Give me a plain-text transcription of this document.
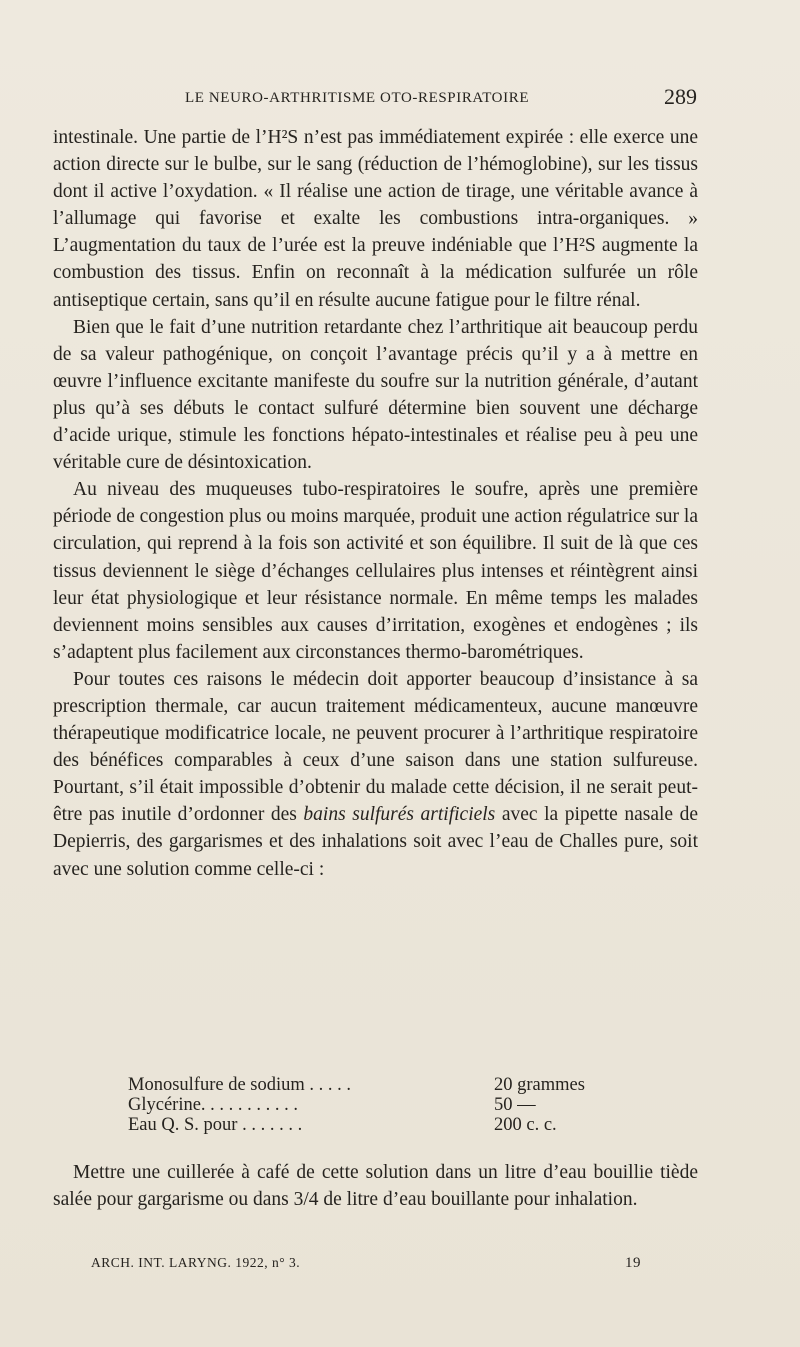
LE NEURO-ARTHRITISME OTO-RESPIRATOIRE	289

intestinale. Une partie de l’H²S n’est pas immédiatement expirée : elle exerce une action directe sur le bulbe, sur le sang (réduction de l’hémoglobine), sur les tissus dont il active l’oxydation. « Il réalise une action de tirage, une véritable avance à l’allumage qui favorise et exalte les combustions intra-organiques. » L’augmentation du taux de l’urée est la preuve indéniable que l’H²S augmente la combustion des tissus. Enfin on reconnaît à la médication sulfurée un rôle antiseptique certain, sans qu’il en résulte aucune fatigue pour le filtre rénal.

Bien que le fait d’une nutrition retardante chez l’arthritique ait beaucoup perdu de sa valeur pathogénique, on conçoit l’avantage précis qu’il y a à mettre en œuvre l’influence excitante manifeste du soufre sur la nutrition générale, d’autant plus qu’à ses débuts le contact sulfuré détermine bien souvent une décharge d’acide urique, stimule les fonctions hépato-intestinales et réalise peu à peu une véritable cure de désintoxication.

Au niveau des muqueuses tubo-respiratoires le soufre, après une première période de congestion plus ou moins marquée, produit une action régulatrice sur la circulation, qui reprend à la fois son activité et son équilibre. Il suit de là que ces tissus deviennent le siège d’échanges cellulaires plus intenses et réintègrent ainsi leur état physiologique et leur résistance normale. En même temps les malades deviennent moins sensibles aux causes d’irritation, exogènes et endogènes ; ils s’adaptent plus facilement aux circonstances thermo-barométriques.

Pour toutes ces raisons le médecin doit apporter beaucoup d’insistance à sa prescription thermale, car aucun traitement médicamenteux, aucune manœuvre thérapeutique modificatrice locale, ne peuvent procurer à l’arthritique respiratoire des bénéfices comparables à ceux d’une saison dans une station sulfureuse. Pourtant, s’il était impossible d’obtenir du malade cette décision, il ne serait peut-être pas inutile d’ordonner des bains sulfurés artificiels avec la pipette nasale de Depierris, des gargarismes et des inhalations soit avec l’eau de Challes pure, soit avec une solution comme celle-ci :

Monosulfure de sodium . . . . .	20 grammes
Glycérine. . . . . . . . . . .	50 —
Eau Q. S. pour . . . . . . .	200 c. c.

Mettre une cuillerée à café de cette solution dans un litre d’eau bouillie tiède salée pour gargarisme ou dans 3/4 de litre d’eau bouillante pour inhalation.

ARCH. INT. LARYNG. 1922, n° 3.	19
